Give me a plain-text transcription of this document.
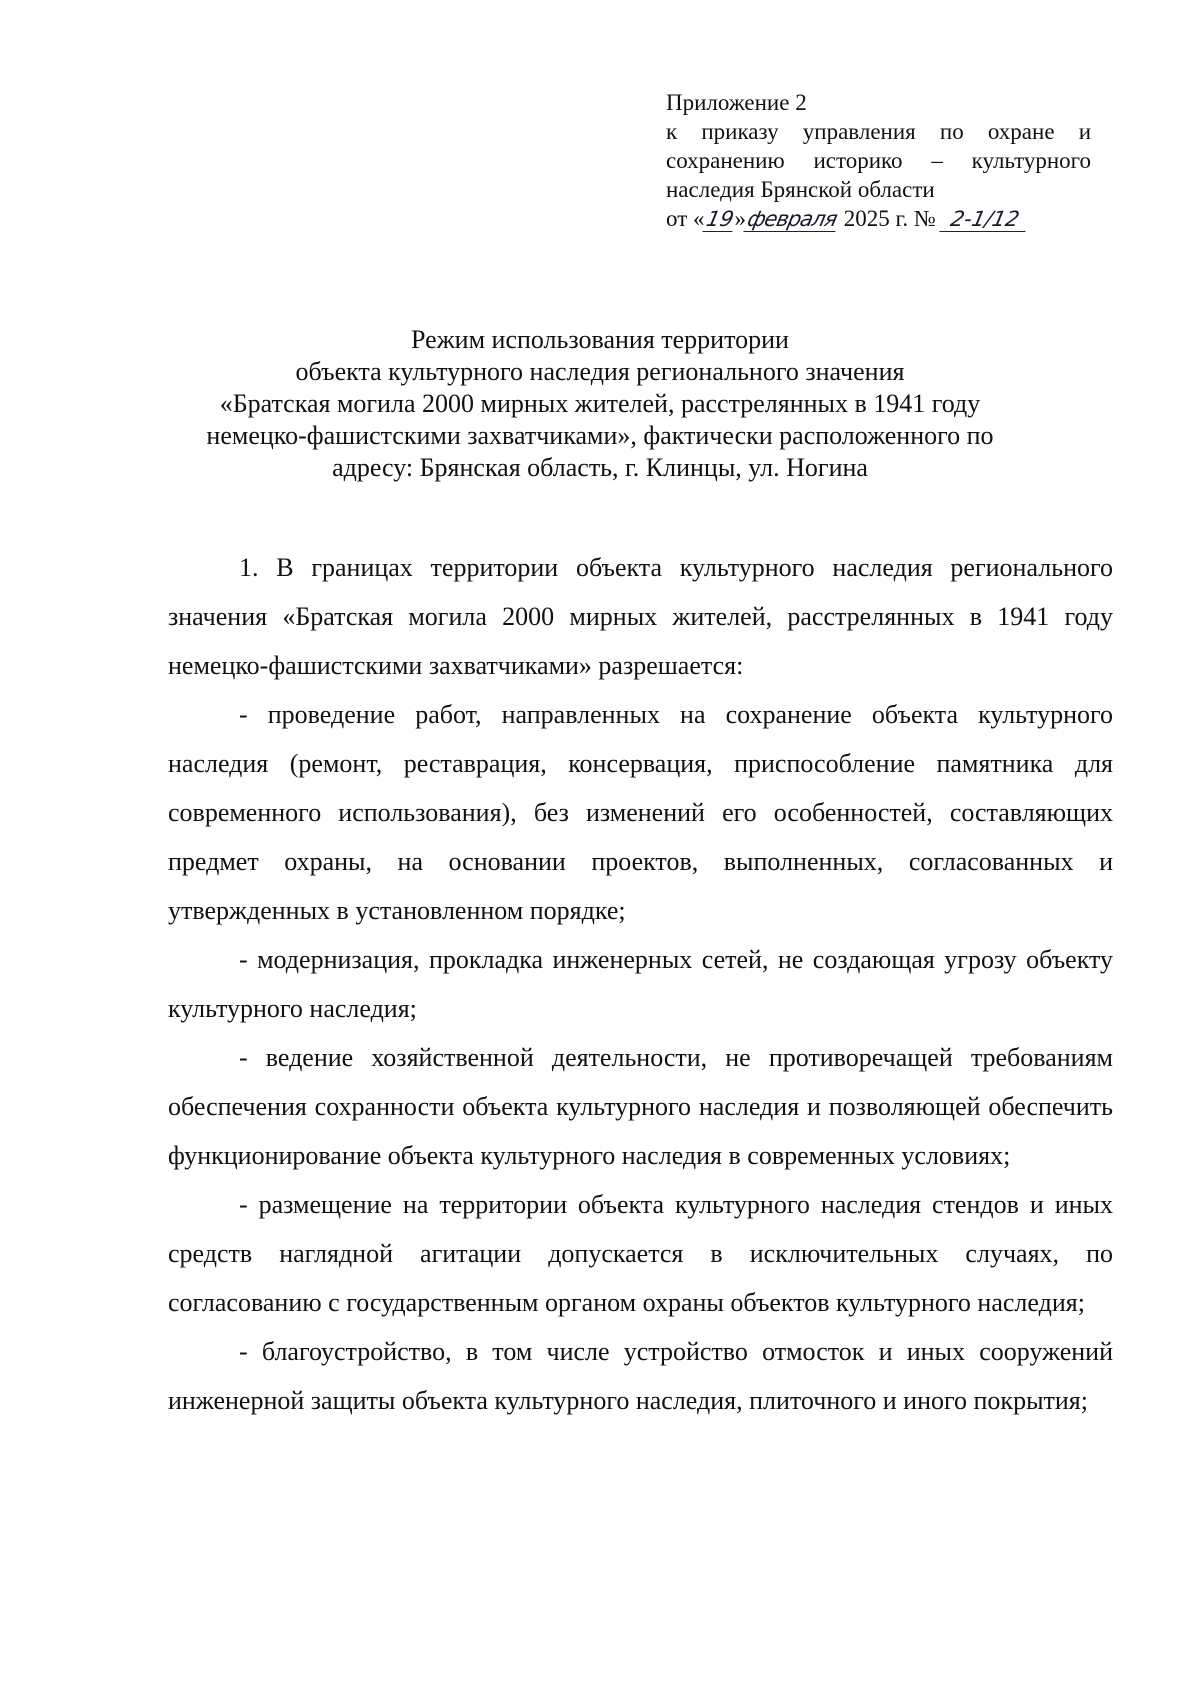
Приложение 2
к приказу управления по охране и
сохранению историко – культурного
наследия Брянской области
от «19»февраля 2025 г. № 2-1/12
Режим использования территории
объекта культурного наследия регионального значения
«Братская могила 2000 мирных жителей, расстрелянных в 1941 году
немецко-фашистскими захватчиками», фактически расположенного по
адресу: Брянская область, г. Клинцы, ул. Ногина

1. В границах территории объекта культурного наследия регионального значения «Братская могила 2000 мирных жителей, расстрелянных в 1941 году немецко-фашистскими захватчиками» разрешается:

- проведение работ, направленных на сохранение объекта культурного наследия (ремонт, реставрация, консервация, приспособление памятника для современного использования), без изменений его особенностей, составляющих предмет охраны, на основании проектов, выполненных, согласованных и утвержденных в установленном порядке;

- модернизация, прокладка инженерных сетей, не создающая угрозу объекту культурного наследия;

- ведение хозяйственной деятельности, не противоречащей требованиям обеспечения сохранности объекта культурного наследия и позволяющей обеспечить функционирование объекта культурного наследия в современных условиях;

- размещение на территории объекта культурного наследия стендов и иных средств наглядной агитации допускается в исключительных случаях, по согласованию с государственным органом охраны объектов культурного наследия;

- благоустройство, в том числе устройство отмосток и иных сооружений инженерной защиты объекта культурного наследия, плиточного и иного покрытия;
